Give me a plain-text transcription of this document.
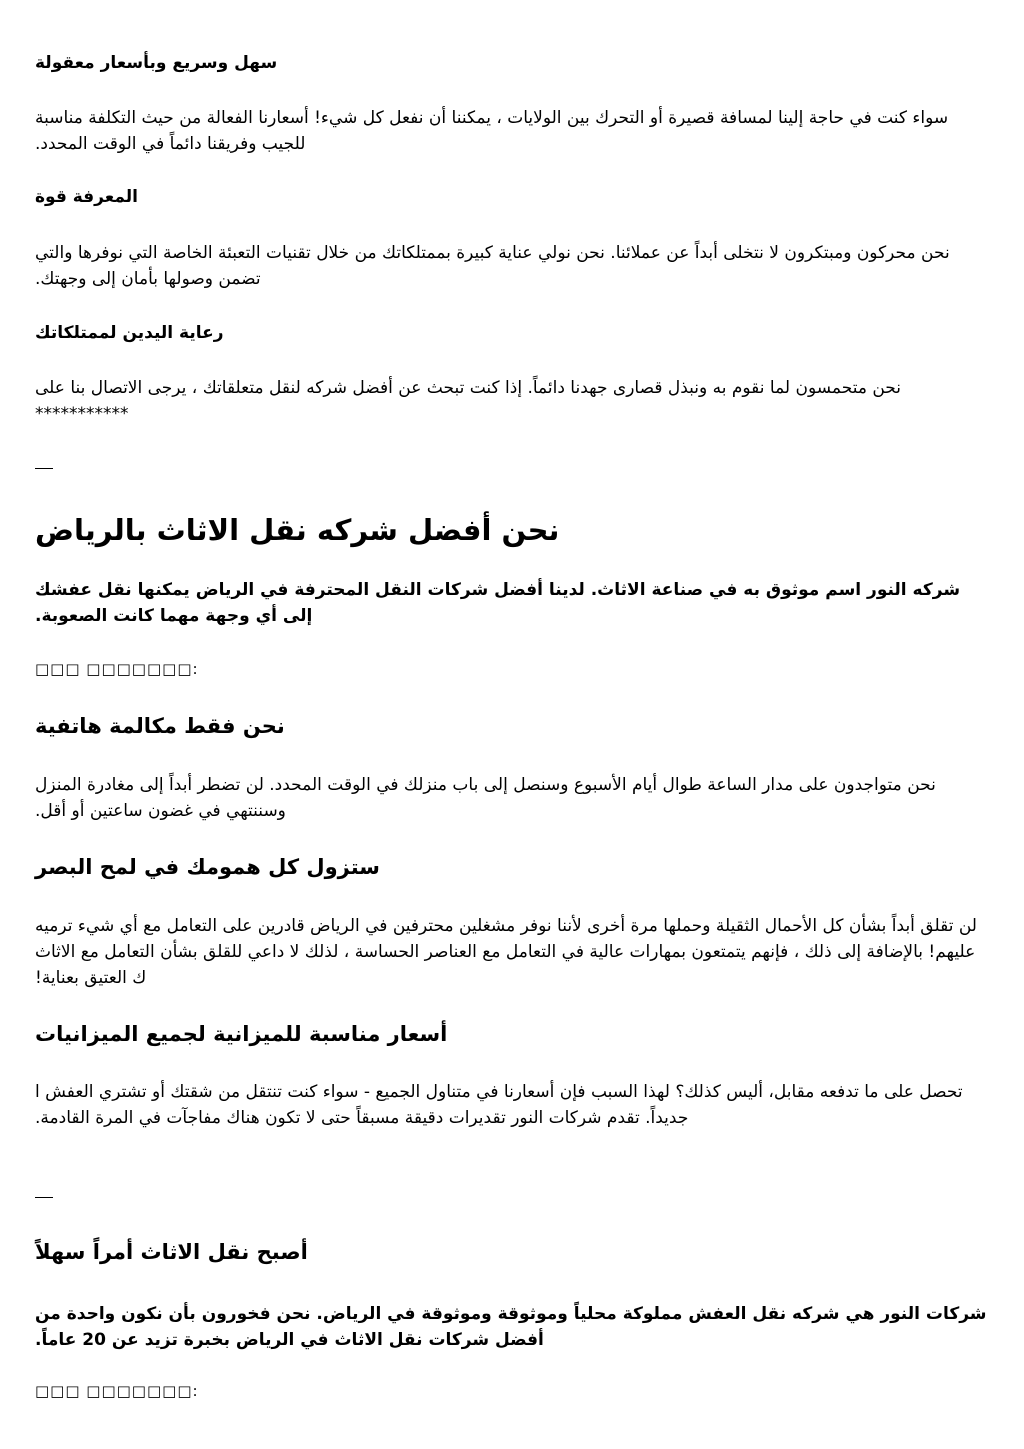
سهل وسريع وبأسعار معقولة
سواء كنت في حاجة إلينا لمسافة قصيرة أو التحرك بين الولايات ، يمكننا أن نفعل كل شيء! أسعارنا الفعالة من حيث التكلفة مناسبة للجيب وفريقنا دائماً في الوقت المحدد.
المعرفة قوة
نحن محركون ومبتكرون لا نتخلى أبداً عن عملائنا. نحن نولي عناية كبيرة بممتلكاتك من خلال تقنيات التعبئة الخاصة التي نوفرها والتي تضمن وصولها بأمان إلى وجهتك.
رعاية اليدين لممتلكاتك
نحن متحمسون لما نقوم به ونبذل قصارى جهدنا دائماً. إذا كنت تبحث عن أفضل شركه لنقل متعلقاتك ، يرجى الاتصال بنا على ***********
نحن أفضل شركه نقل الاثاث بالرياض
شركه النور اسم موثوق به في صناعة الاثاث. لدينا أفضل شركات النقل المحترفة في الرياض يمكنها نقل عفشك إلى أي وجهة مهما كانت الصعوبة.
□□□ □□□□□□□:
نحن فقط مكالمة هاتفية
نحن متواجدون على مدار الساعة طوال أيام الأسبوع وسنصل إلى باب منزلك في الوقت المحدد. لن تضطر أبداً إلى مغادرة المنزل وسننتهي في غضون ساعتين أو أقل.
ستزول كل همومك في لمح البصر
لن تقلق أبداً بشأن كل الأحمال الثقيلة وحملها مرة أخرى لأننا نوفر مشغلين محترفين في الرياض قادرين على التعامل مع أي شيء ترميه عليهم! بالإضافة إلى ذلك ، فإنهم يتمتعون بمهارات عالية في التعامل مع العناصر الحساسة ، لذلك لا داعي للقلق بشأن التعامل مع الاثاث ك العتيق بعناية!
أسعار مناسبة للميزانية لجميع الميزانيات
تحصل على ما تدفعه مقابل، أليس كذلك؟ لهذا السبب فإن أسعارنا في متناول الجميع - سواء كنت تنتقل من شقتك أو تشتري العفش ا جديداً. تقدم شركات النور تقديرات دقيقة مسبقاً حتى لا تكون هناك مفاجآت في المرة القادمة.
أصبح نقل الاثاث أمراً سهلاً
شركات النور هي شركه نقل العفش مملوكة محلياً وموثوقة وموثوقة في الرياض. نحن فخورون بأن نكون واحدة من أفضل شركات نقل الاثاث في الرياض بخبرة تزيد عن 20 عاماً.
□□□ □□□□□□□:
